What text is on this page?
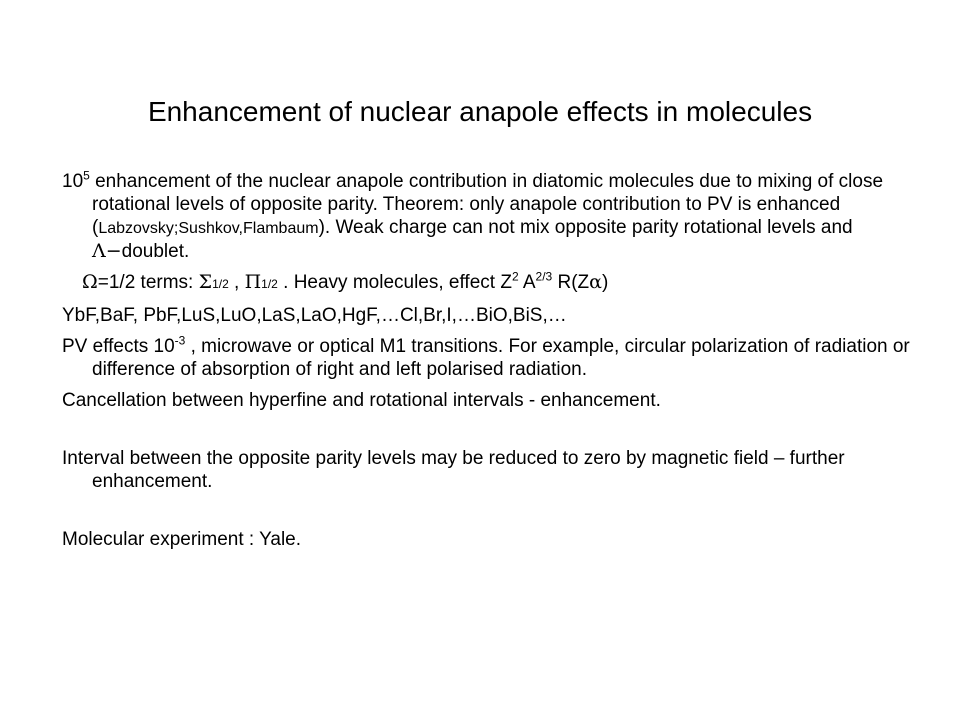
Enhancement of nuclear anapole effects in molecules

$10^5$ enhancement of the nuclear anapole contribution in diatomic molecules due to mixing of close rotational levels of opposite parity. Theorem: only anapole contribution to PV is enhanced (Labzovsky;Sushkov,Flambaum). Weak charge can not mix opposite parity rotational levels and Λ−doublet.

Ω=1/2 terms: Σ1/2 , Π1/2 . Heavy molecules, effect $Z^2$ $A^{2/3}$ R(Zα)

YbF,BaF, PbF,LuS,LuO,LaS,LaO,HgF,…Cl,Br,I,…BiO,BiS,…

PV effects $10^{-3}$ , microwave or optical M1 transitions. For example, circular polarization of radiation or difference of absorption of right and left polarised radiation.

Cancellation between hyperfine and rotational intervals - enhancement.

Interval between the opposite parity levels may be reduced to zero by magnetic field – further enhancement.

Molecular experiment : Yale.
